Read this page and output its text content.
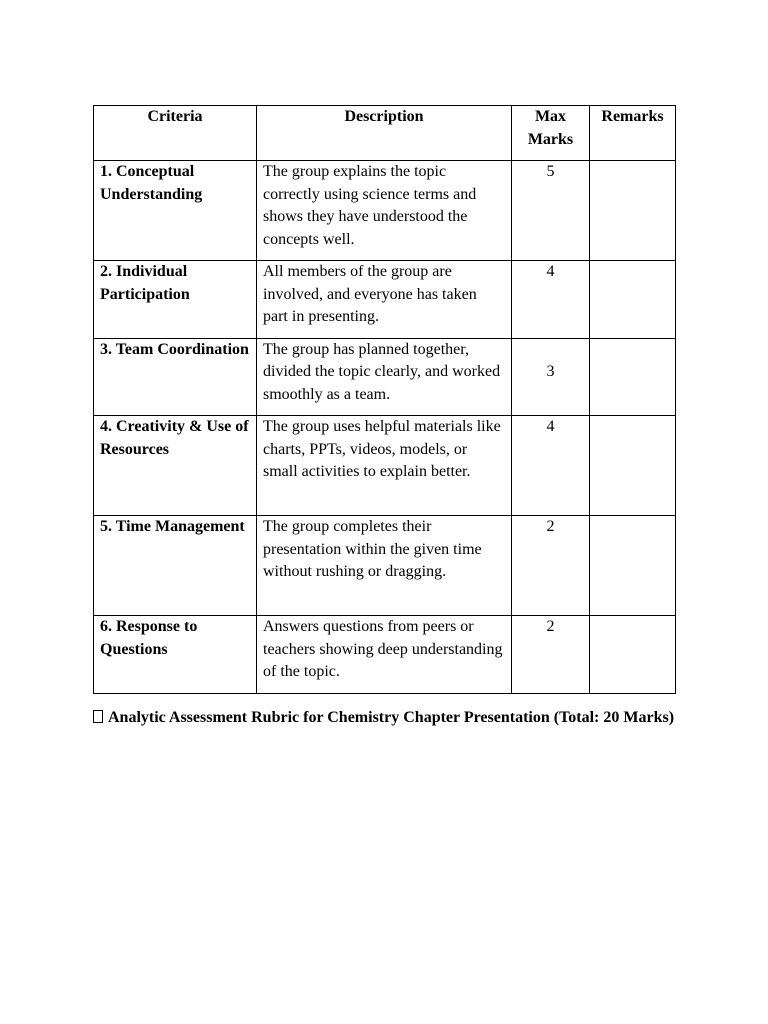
Criteria	Description	Max Marks	Remarks
1. Conceptual Understanding	The group explains the topic correctly using science terms and shows they have understood the concepts well.	5	
2. Individual Participation	All members of the group are involved, and everyone has taken part in presenting.	4	
3. Team Coordination	The group has planned together, divided the topic clearly, and worked smoothly as a team.	3	
4. Creativity & Use of Resources	The group uses helpful materials like charts, PPTs, videos, models, or small activities to explain better.	4	
5. Time Management	The group completes their presentation within the given time without rushing or dragging.	2	
6. Response to Questions	Answers questions from peers or teachers showing deep understanding of the topic.	2	
Analytic Assessment Rubric for Chemistry Chapter Presentation (Total: 20 Marks)
